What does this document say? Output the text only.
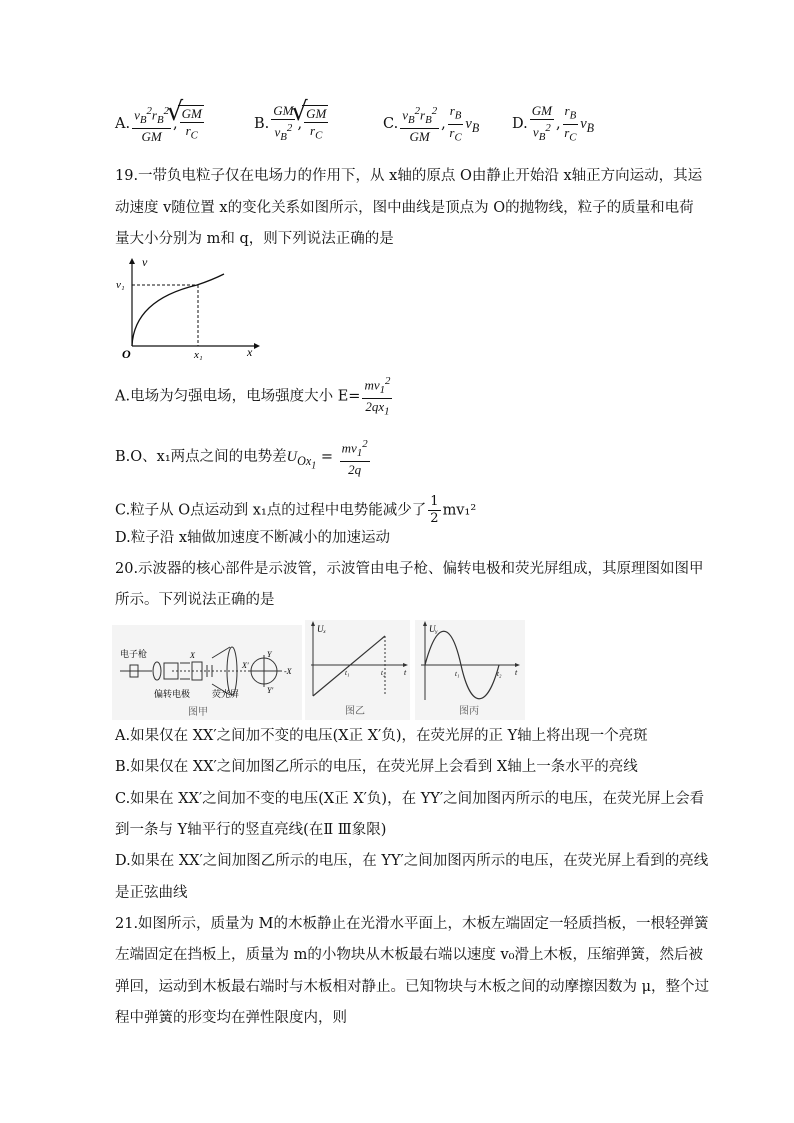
A. $\frac{v_B^2r_B^2}{GM}$ , √ $\frac{GM}{r_C}$	B. $\frac{GM}{v_B^2}$ , √ $\frac{GM}{r_C}$	C. $\frac{v_B^2r_B^2}{GM}$ , $\frac{r_B}{r_C} v_B$ D. $\frac{GM}{v_B^2}$ , $\frac{r_B}{r_C} v_B$
19.一带负电粒子仅在电场力的作用下，从 x轴的原点 O由静止开始沿 x轴正方向运动，其运
动速度 v随位置 x的变化关系如图所示，图中曲线是顶点为 O的抛物线，粒子的质量和电荷
量大小分别为 m和 q，则下列说法正确的是
v
v₁
x
x₁
O
A.电场为匀强电场，电场强度大小 $E= \frac{mv_1^2}{2qx_1}$
B.O、x₁两点之间的电势差$U_{Ox_1} = \frac{mv_1^2}{2q}$
C.粒子从 O点运动到 x₁点的过程中电势能减少了 $\frac{1}{2} mv_1^2$
D.粒子沿 x轴做加速度不断减小的加速运动
20.示波器的核心部件是示波管，示波管由电子枪、偏转电极和荧光屏组成，其原理图如图甲
所示。下列说法正确的是
Y
Y′
-X
X′
X
电子枪
偏转电极 荧光屏
图甲
Uₓ
t₁	t₂ t
图乙
Uᵧ
t₁	t₂ t
图丙
A.如果仅在 XX′之间加不变的电压(X正 X′负)，在荧光屏的正 Y轴上将出现一个亮斑
B.如果仅在 XX′之间加图乙所示的电压，在荧光屏上会看到 X轴上一条水平的亮线
C.如果在 XX′之间加不变的电压(X正 X′负)，在 YY′之间加图丙所示的电压，在荧光屏上会看
到一条与 Y轴平行的竖直亮线(在Ⅱ Ⅲ象限)
D.如果在 XX′之间加图乙所示的电压，在 YY′之间加图丙所示的电压，在荧光屏上看到的亮线
是正弦曲线
21.如图所示，质量为 M的木板静止在光滑水平面上，木板左端固定一轻质挡板，一根轻弹簧
左端固定在挡板上，质量为 m的小物块从木板最右端以速度 v₀滑上木板，压缩弹簧，然后被
弹回，运动到木板最右端时与木板相对静止。已知物块与木板之间的动摩擦因数为 μ，整个过
程中弹簧的形变均在弹性限度内，则
